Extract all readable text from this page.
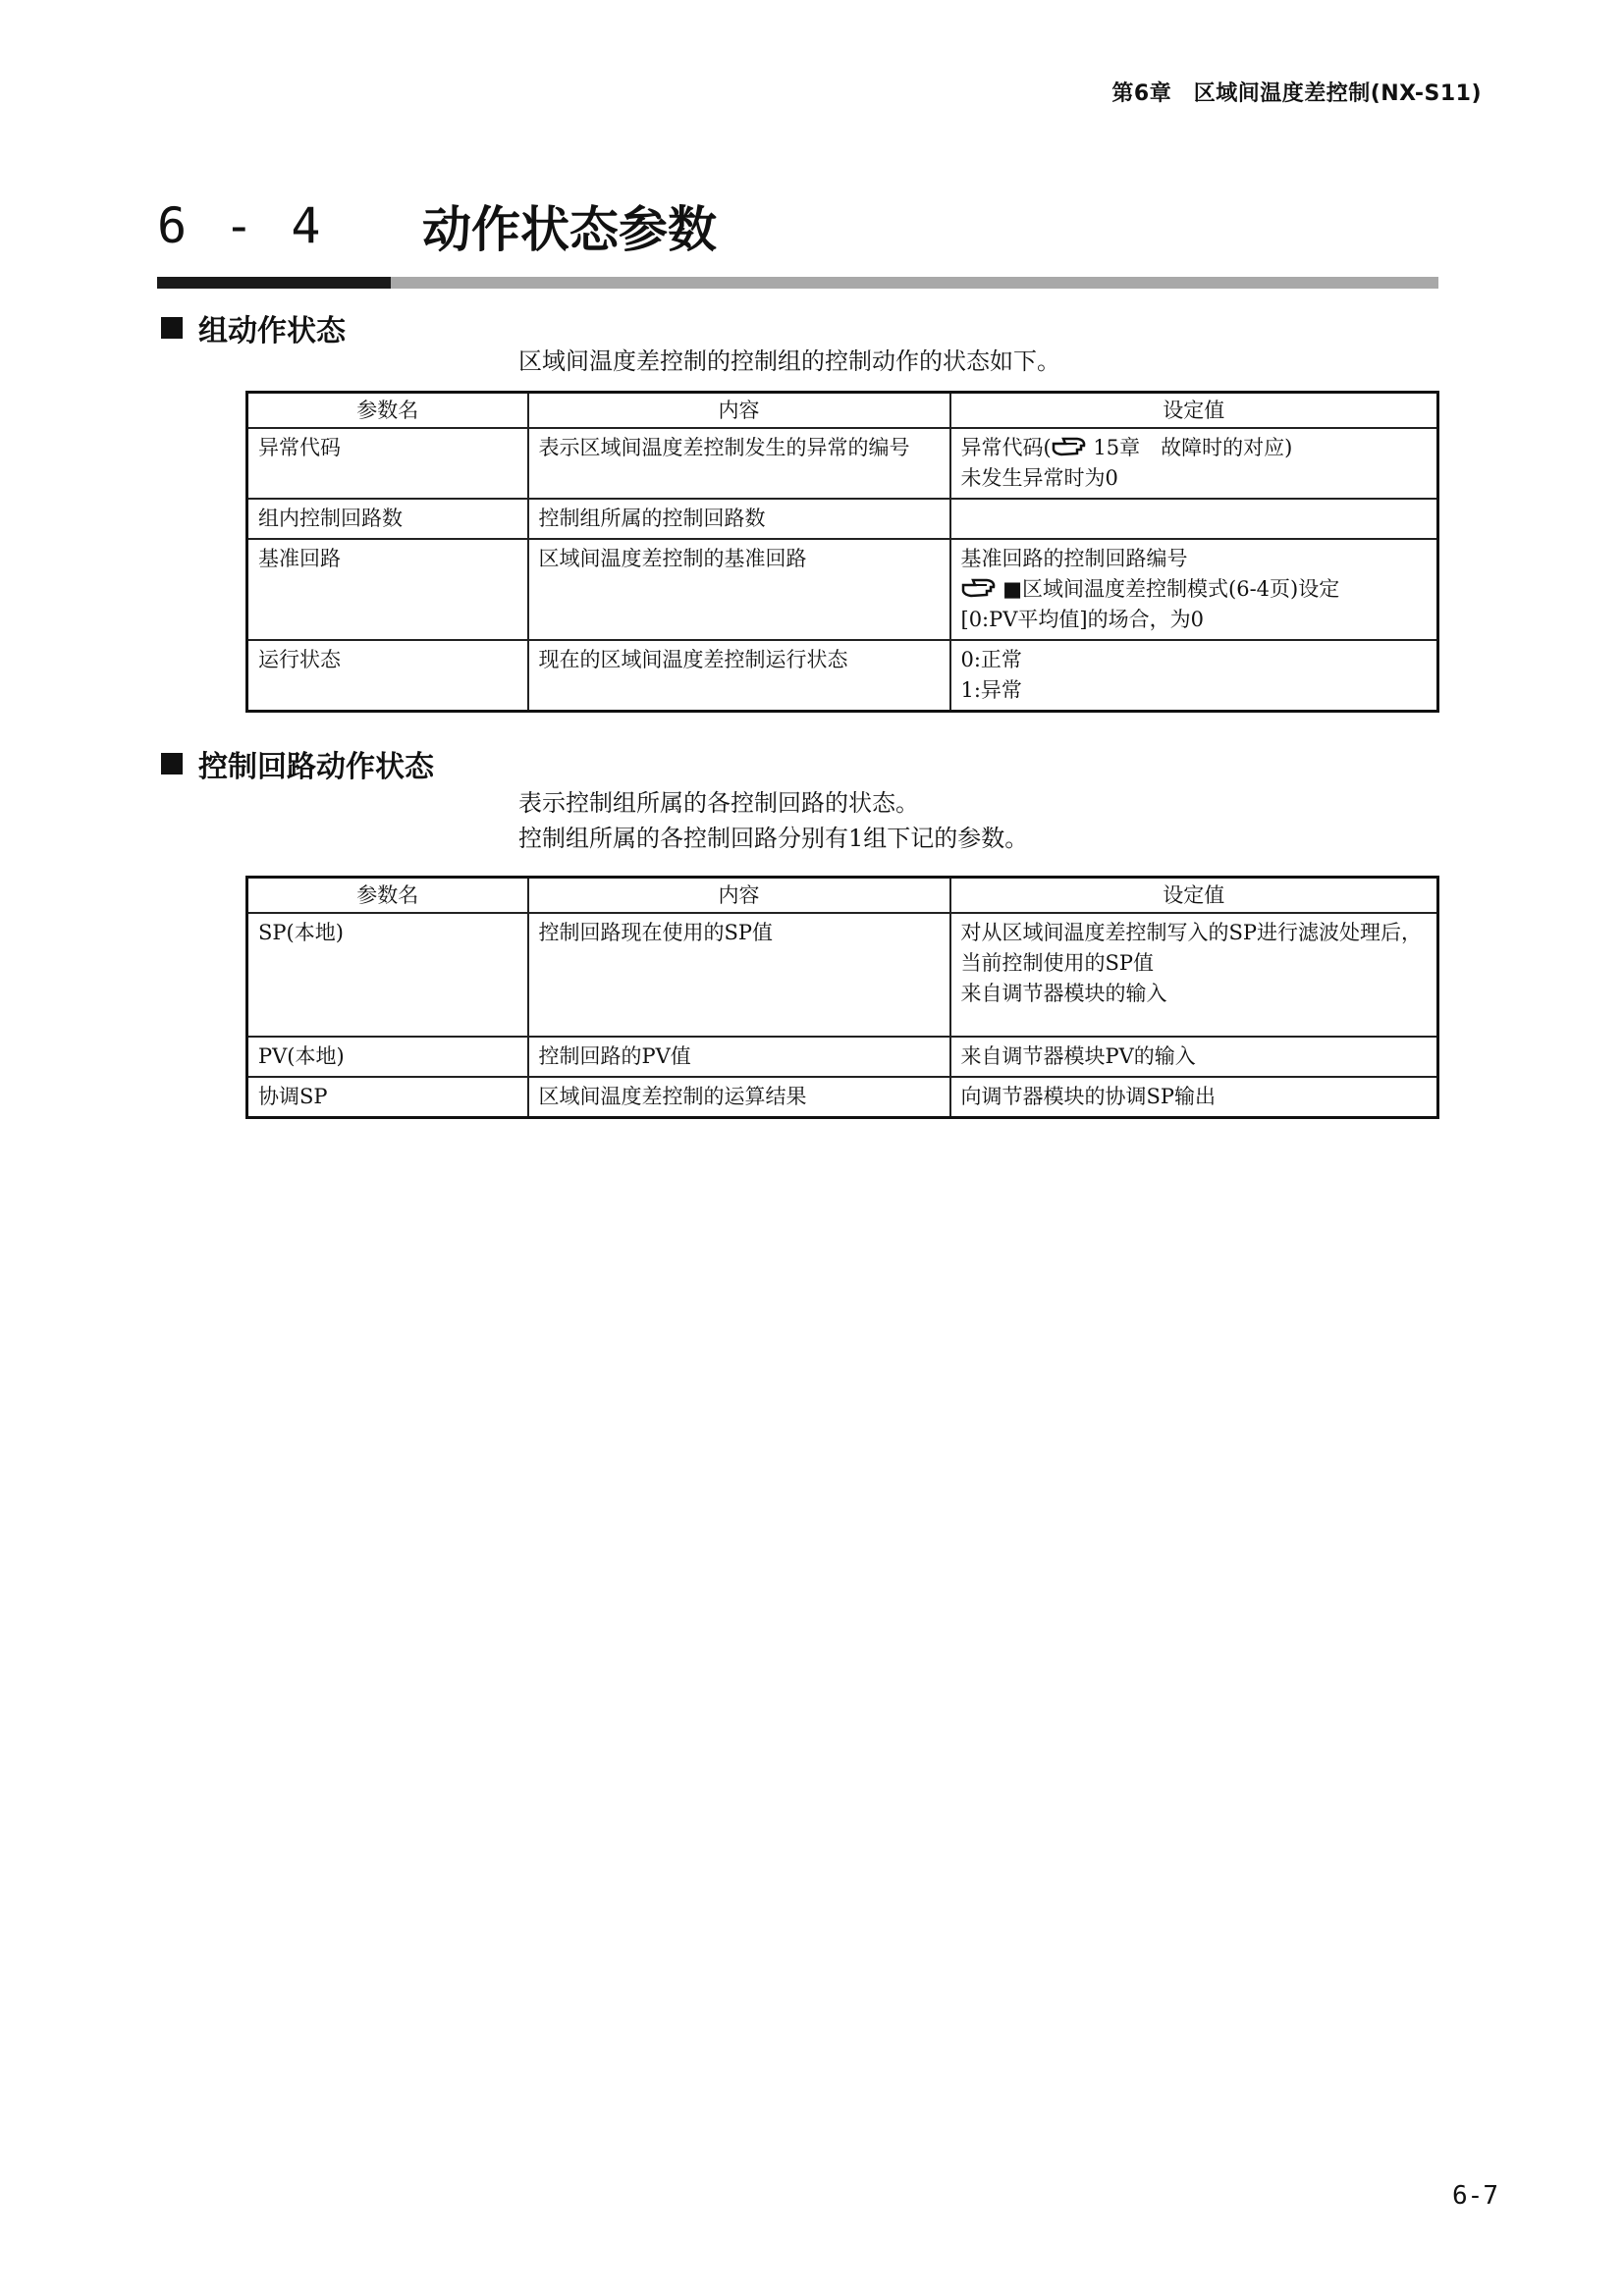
第6章　区域间温度差控制(NX-S11)
6 - 4	动作状态参数
组动作状态
区域间温度差控制的控制组的控制动作的状态如下。
参数名	内容	设定值
异常代码	表示区域间温度差控制发生的异常的编号	异常代码( 15章　故障时的对应)
未发生异常时为0

组内控制回路数	控制组所属的控制回路数	
基准回路	区域间温度差控制的基准回路	基准回路的控制回路编号
■区域间温度差控制模式(6-4页)设定
[0:PV平均值]的场合，为0

运行状态	现在的区域间温度差控制运行状态	0:正常
1:异常
控制回路动作状态
表示控制组所属的各控制回路的状态。
控制组所属的各控制回路分别有1组下记的参数。
参数名	内容	设定值
SP(本地)	控制回路现在使用的SP值	对从区域间温度差控制写入的SP进行滤波处理后，当前控制使用的SP值
来自调节器模块的输入

PV(本地)	控制回路的PV值	来自调节器模块PV的输入
协调SP	区域间温度差控制的运算结果	向调节器模块的协调SP输出
6-7
